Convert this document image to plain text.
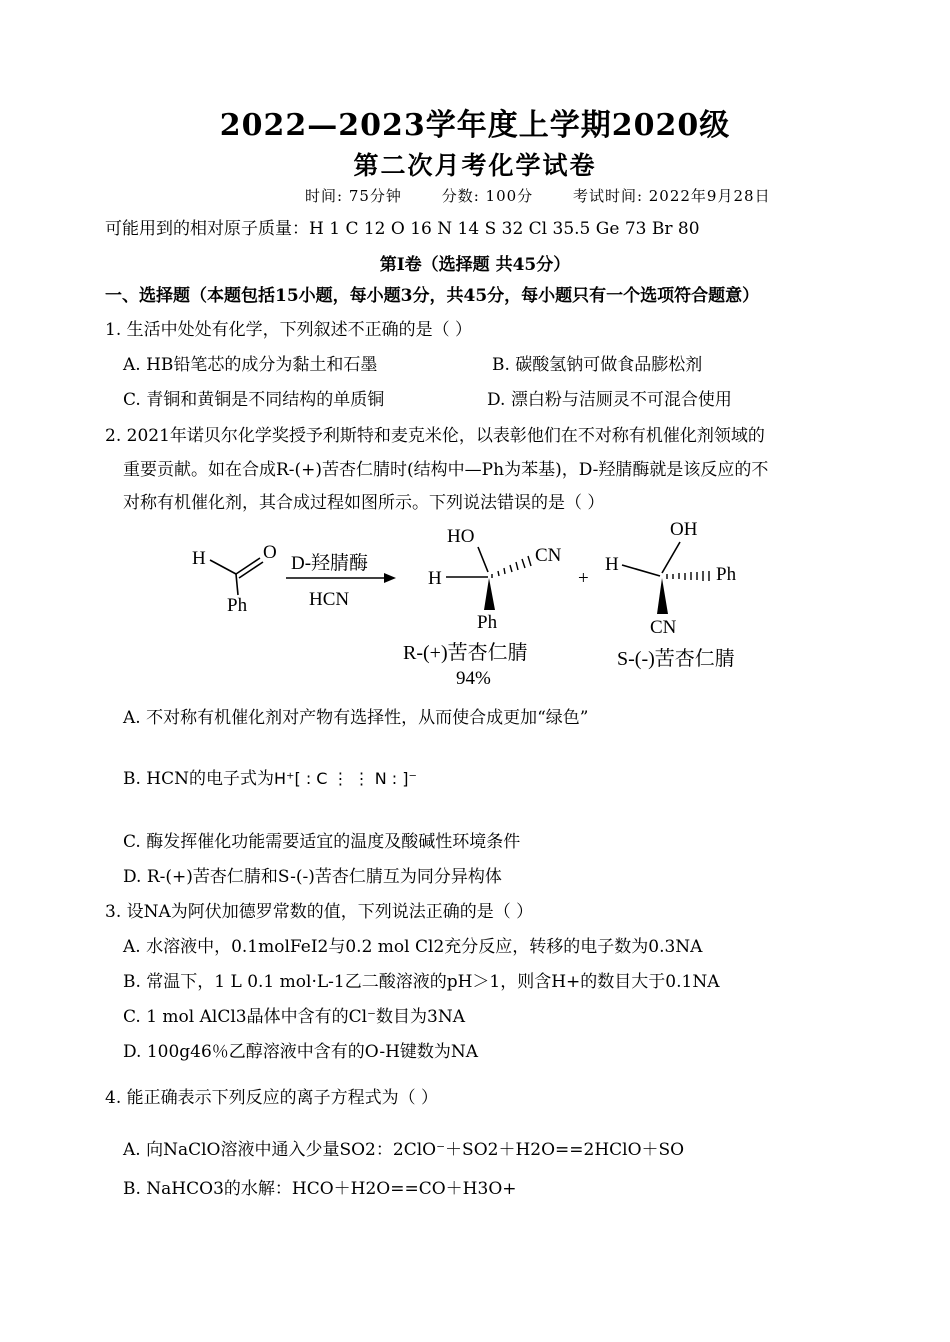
2022—2023学年度上学期2020级
第二次月考化学试卷
时间: 75分钟	分数: 100分	考试时间: 2022年9月28日
可能用到的相对原子质量：H 1 C 12 O 16 N 14 S 32 Cl 35.5 Ge 73 Br 80
第I卷（选择题 共45分）
一、选择题（本题包括15小题，每小题3分，共45分，每小题只有一个选项符合题意）
1. 生活中处处有化学，下列叙述不正确的是（ ）
A. HB铅笔芯的成分为黏土和石墨	B. 碳酸氢钠可做食品膨松剂
C. 青铜和黄铜是不同结构的单质铜	D. 漂白粉与洁厕灵不可混合使用
2. 2021年诺贝尔化学奖授予利斯特和麦克米伦，以表彰他们在不对称有机催化剂领域的
重要贡献。如在合成R-(+)苦杏仁腈时(结构中—Ph为苯基)，D-羟腈酶就是该反应的不
对称有机催化剂，其合成过程如图所示。下列说法错误的是（ ）
H	O
Ph
D-羟腈酶
HCN
HO
H
CN
Ph
+
OH
H	Ph
CN
R-(+)苦杏仁腈
94%
S-(-)苦杏仁腈
A. 不对称有机催化剂对产物有选择性，从而使合成更加“绿色”
B. HCN的电子式为H⁺[ : C ⋮ ⋮ N : ]⁻
C. 酶发挥催化功能需要适宜的温度及酸碱性环境条件
D. R-(+)苦杏仁腈和S-(-)苦杏仁腈互为同分异构体
3. 设NA为阿伏加德罗常数的值，下列说法正确的是（ ）
A. 水溶液中，0.1molFeI2与0.2 mol Cl2充分反应，转移的电子数为0.3NA
B. 常温下，1 L 0.1 mol·L-1乙二酸溶液的pH＞1，则含H+的数目大于0.1NA
C. 1 mol AlCl3晶体中含有的Cl⁻数目为3NA
D. 100g46％乙醇溶液中含有的O-H键数为NA
4. 能正确表示下列反应的离子方程式为（ ）
A. 向NaClO溶液中通入少量SO2：2ClO⁻＋SO2＋H2O==2HClO＋SO
B. NaHCO3的水解：HCO＋H2O==CO＋H3O+
